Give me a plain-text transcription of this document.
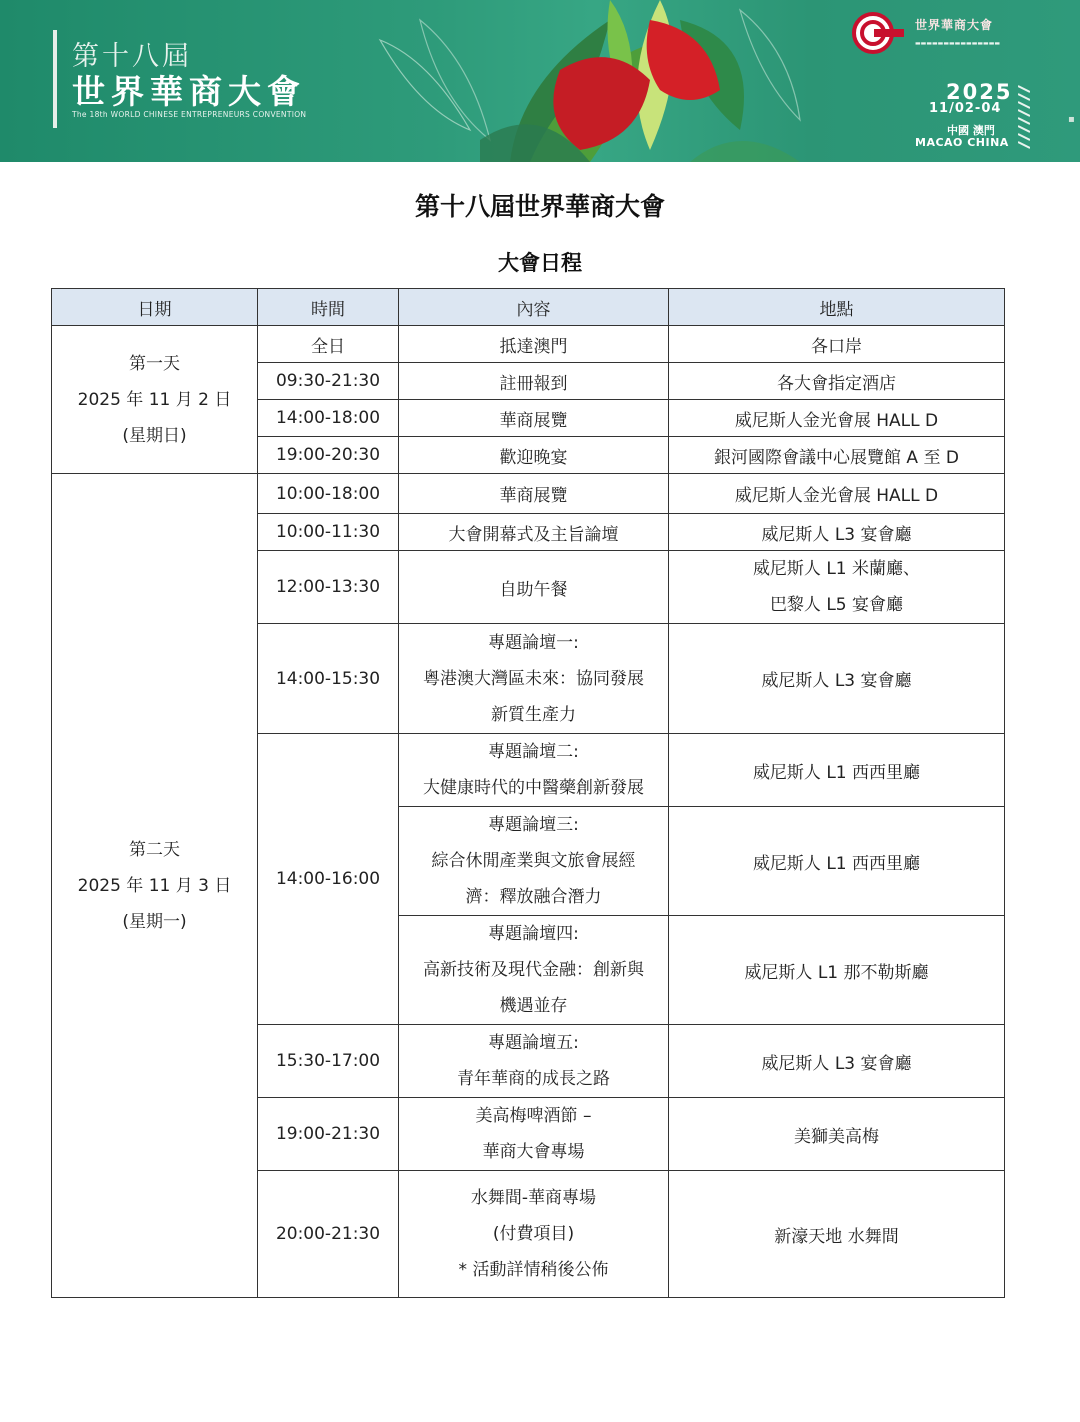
第十八屆
世界華商大會
The 18th WORLD CHINESE ENTREPRENEURS CONVENTION
世界華商大會
▬▬▬▬▬▬▬▬▬▬▬▬▬▬▬
2025
11/02-04
中國 澳門
MACAO CHINA
▪
第十八屆世界華商大會
大會日程
日期	時間	內容	地點

第一天
2025 年 11 月 2 日
(星期日)	全日	抵達澳門	各口岸
	09:30-21:30	註冊報到	各大會指定酒店
	14:00-18:00	華商展覽	威尼斯人金光會展 HALL D
	19:00-20:30	歡迎晚宴	銀河國際會議中心展覽館 A 至 D

第二天
2025 年 11 月 3 日
(星期一)	10:00-18:00	華商展覽	威尼斯人金光會展 HALL D
	10:00-11:30	大會開幕式及主旨論壇	威尼斯人 L3 宴會廳
	12:00-13:30	自助午餐	威尼斯人 L1 米蘭廳、
巴黎人 L5 宴會廳

	14:00-15:30	專題論壇一:
粵港澳大灣區未來：協同發展
新質生產力	威尼斯人 L3 宴會廳
	14:00-16:00	專題論壇二:
大健康時代的中醫藥創新發展	威尼斯人 L1 西西里廳

		專題論壇三:
綜合休閒產業與文旅會展經
濟：釋放融合潛力	威尼斯人 L1 西西里廳

		專題論壇四:
高新技術及現代金融：創新與
機遇並存	威尼斯人 L1 那不勒斯廳
	15:30-17:00	專題論壇五:
青年華商的成長之路	威尼斯人 L3 宴會廳
	19:00-21:30	美高梅啤酒節 –
華商大會專場	美獅美高梅
	20:00-21:30	水舞間-華商專場
(付費項目)
* 活動詳情稍後公佈	新濠天地 水舞間
